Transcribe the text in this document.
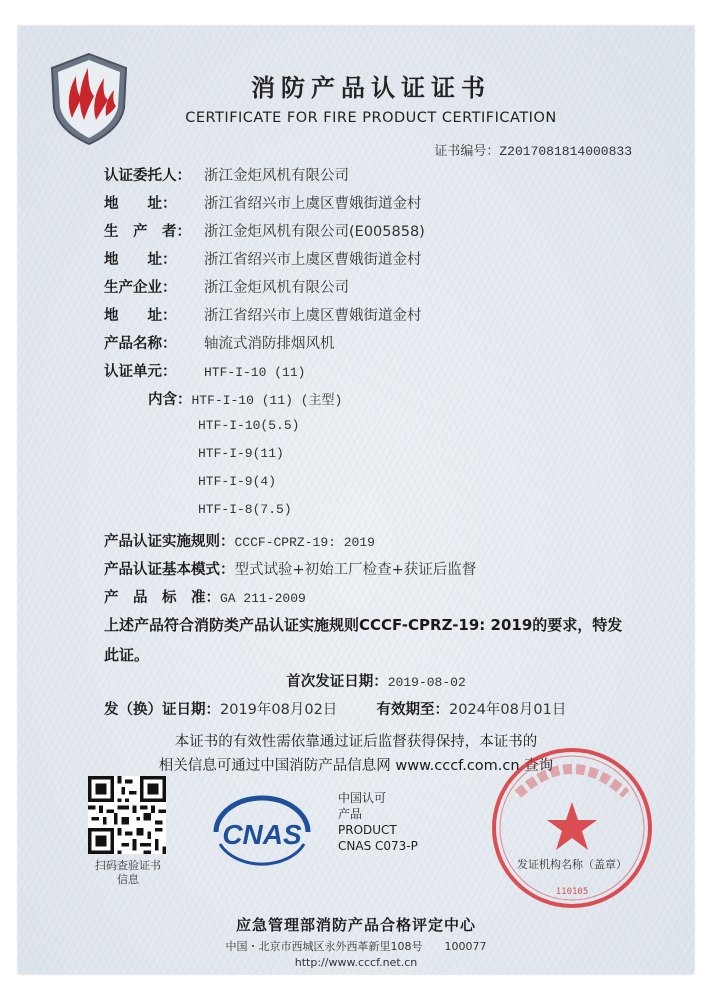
消防产品认证证书
CERTIFICATE FOR FIRE PRODUCT CERTIFICATION
证书编号：Z2017081814000833
认证委托人： 浙江金炬风机有限公司
地　　址： 浙江省绍兴市上虞区曹娥街道金村
生　产　者： 浙江金炬风机有限公司(E005858)
地　　址： 浙江省绍兴市上虞区曹娥街道金村
生产企业： 浙江金炬风机有限公司
地　　址： 浙江省绍兴市上虞区曹娥街道金村
产品名称： 轴流式消防排烟风机
认证单元： HTF-I-10 (11)
内含：HTF-I-10 (11) (主型)
HTF-I-10(5.5)
HTF-I-9(11)
HTF-I-9(4)
HTF-I-8(7.5)
产品认证实施规则：CCCF-CPRZ-19: 2019
产品认证基本模式：型式试验+初始工厂检查+获证后监督
产　品　标　准：GA 211-2009
上述产品符合消防类产品认证实施规则CCCF-CPRZ-19: 2019的要求，特发此证。
首次发证日期：2019-08-02
发（换）证日期：2019年08月02日	有效期至：2024年08月01日
本证书的有效性需依靠通过证后监督获得保持，本证书的
相关信息可通过中国消防产品信息网 www.cccf.com.cn 查询
扫码查验证书信息
CNAS
中国认可
产品
PRODUCT
CNAS C073-P
发证机构名称（盖章）
110105
应急管理部消防产品合格评定中心
中国・北京市西城区永外西革新里108号　　100077
http://www.cccf.net.cn
